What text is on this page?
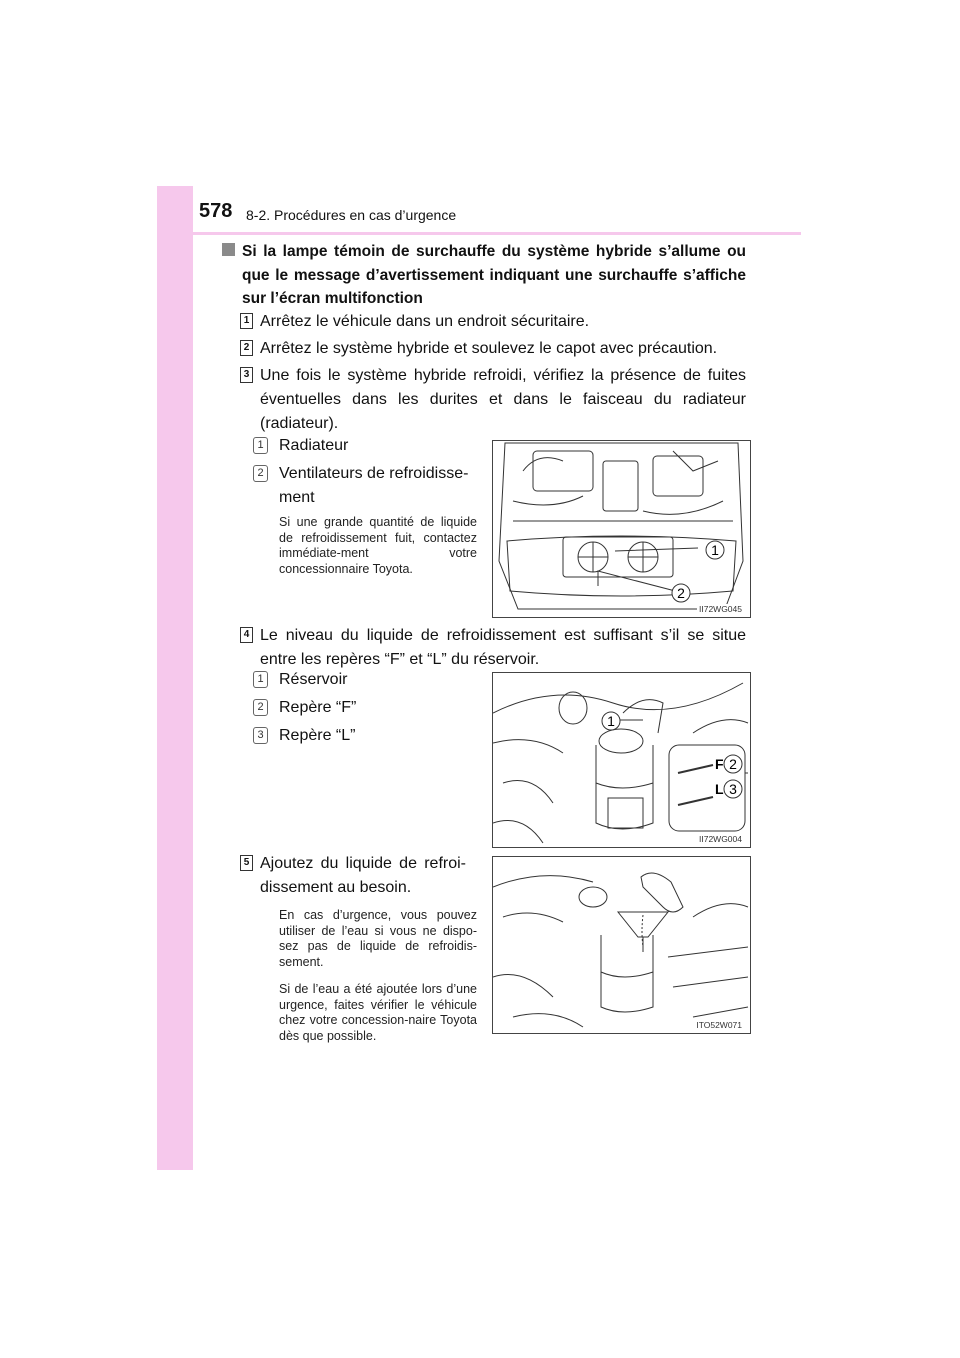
578 8-2. Procédures en cas d’urgence
Si la lampe témoin de surchauffe du système hybride s’allume ou que le message d’avertissement indiquant une surchauffe s’affiche sur l’écran multifonction
1 Arrêtez le véhicule dans un endroit sécuritaire.
2 Arrêtez le système hybride et soulevez le capot avec précaution.
3 Une fois le système hybride refroidi, vérifiez la présence de fuites éventuelles dans les durites et dans le faisceau du radiateur (radiateur).
1 Radiateur
2 Ventilateurs de refroidisse-ment
Si une grande quantité de liquide de refroidissement fuit, contactez immédiate-ment votre concessionnaire Toyota.
1
2
II72WG045
4 Le niveau du liquide de refroidissement est suffisant s’il se situe entre les repères “F” et “L” du réservoir.
1 Réservoir
2 Repère “F”
3 Repère “L”
1
2
3
F
L
II72WG004
5 Ajoutez du liquide de refroi-dissement au besoin.
En cas d’urgence, vous pouvez utiliser de l’eau si vous ne dispo-sez pas de liquide de refroidis-sement.
Si de l’eau a été ajoutée lors d’une urgence, faites vérifier le véhicule chez votre concession-naire Toyota dès que possible.
ITO52W071
